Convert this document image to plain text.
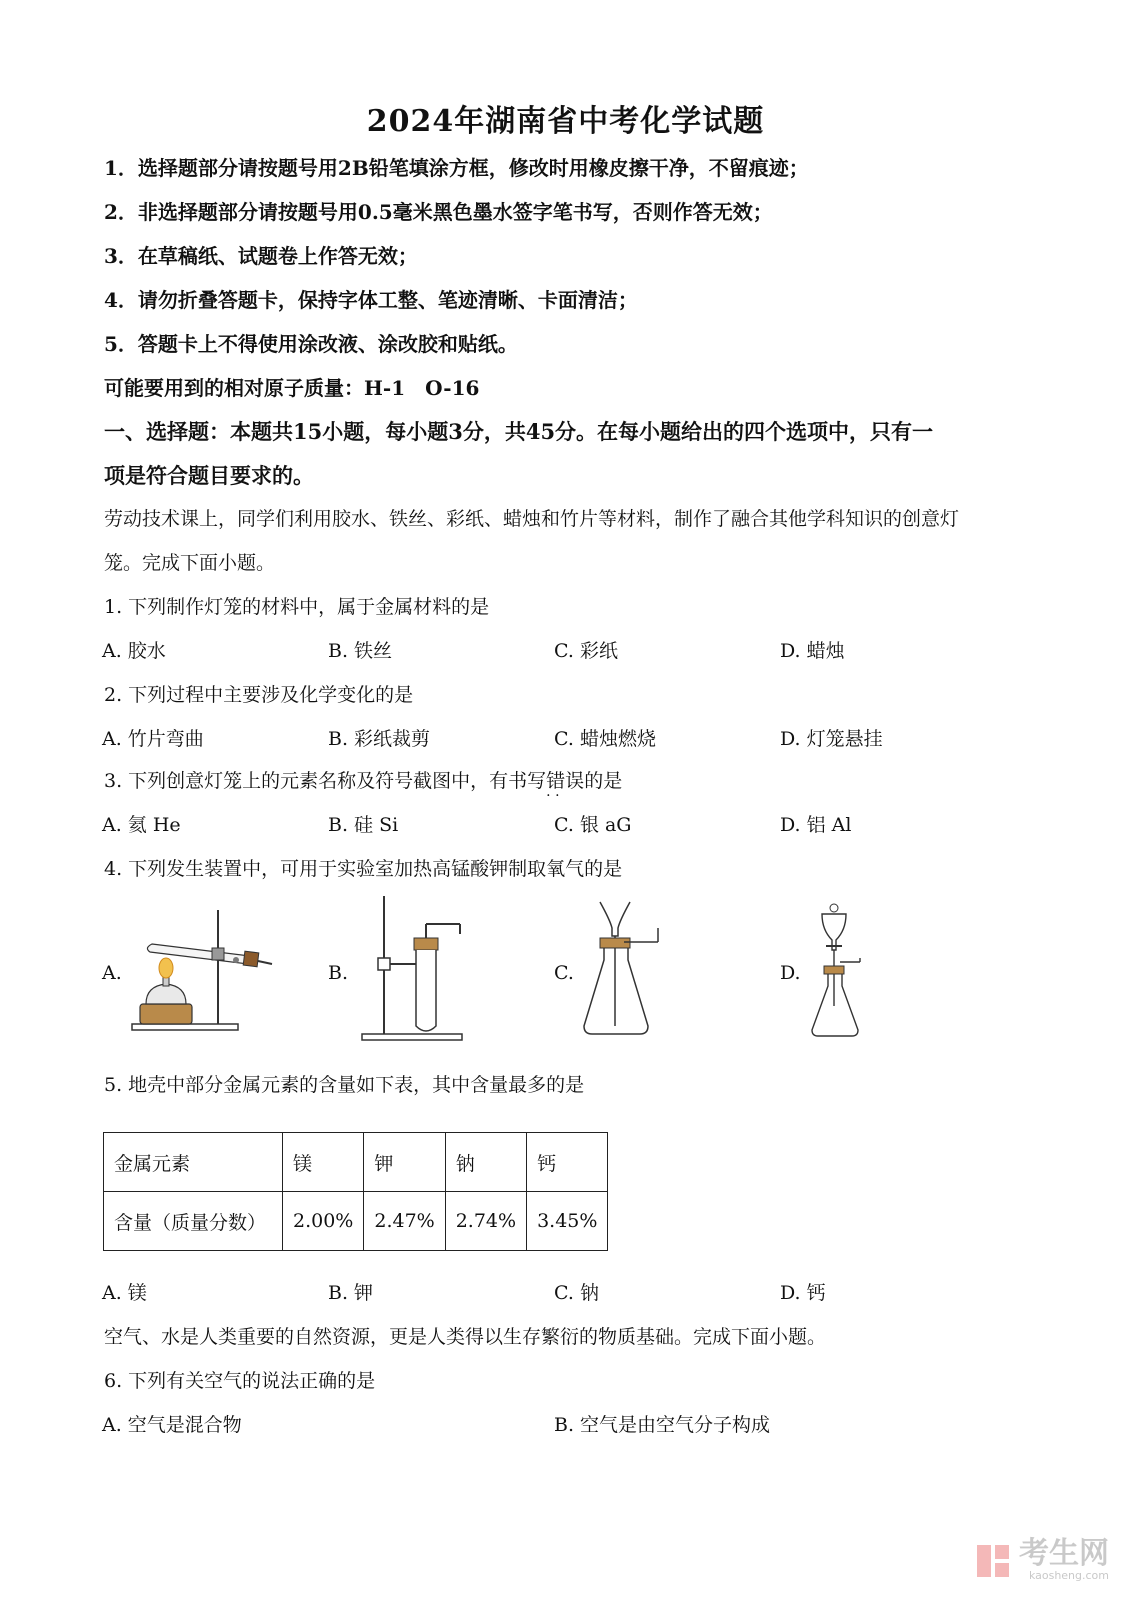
2024年湖南省中考化学试题
1．选择题部分请按题号用2B铅笔填涂方框，修改时用橡皮擦干净，不留痕迹；
2．非选择题部分请按题号用0.5毫米黑色墨水签字笔书写，否则作答无效；
3．在草稿纸、试题卷上作答无效；
4．请勿折叠答题卡，保持字体工整、笔迹清晰、卡面清洁；
5．答题卡上不得使用涂改液、涂改胶和贴纸。
可能要用到的相对原子质量：H-1　O-16
一、选择题：本题共15小题，每小题3分，共45分。在每小题给出的四个选项中，只有一
项是符合题目要求的。
劳动技术课上，同学们利用胶水、铁丝、彩纸、蜡烛和竹片等材料，制作了融合其他学科知识的创意灯
笼。完成下面小题。
1. 下列制作灯笼的材料中，属于金属材料的是
A. 胶水	B. 铁丝	C. 彩纸	D. 蜡烛
2. 下列过程中主要涉及化学变化的是
A. 竹片弯曲	B. 彩纸裁剪	C. 蜡烛燃烧	D. 灯笼悬挂
3. 下列创意灯笼上的元素名称及符号截图中，有书写错误 · ·的是
A. 氦 He	B. 硅 Si	C. 银 aG	D. 铝 Al
4. 下列发生装置中，可用于实验室加热高锰酸钾制取氧气的是
A.	B.	C.	D.
5. 地壳中部分金属元素的含量如下表，其中含量最多的是
金属元素	镁	钾	钠	钙
含量（质量分数）	2.00%	2.47%	2.74%	3.45%
A. 镁	B. 钾	C. 钠	D. 钙
空气、水是人类重要的自然资源，更是人类得以生存繁衍的物质基础。完成下面小题。
6. 下列有关空气的说法正确的是
A. 空气是混合物	B. 空气是由空气分子构成
考生网
kaosheng.com
